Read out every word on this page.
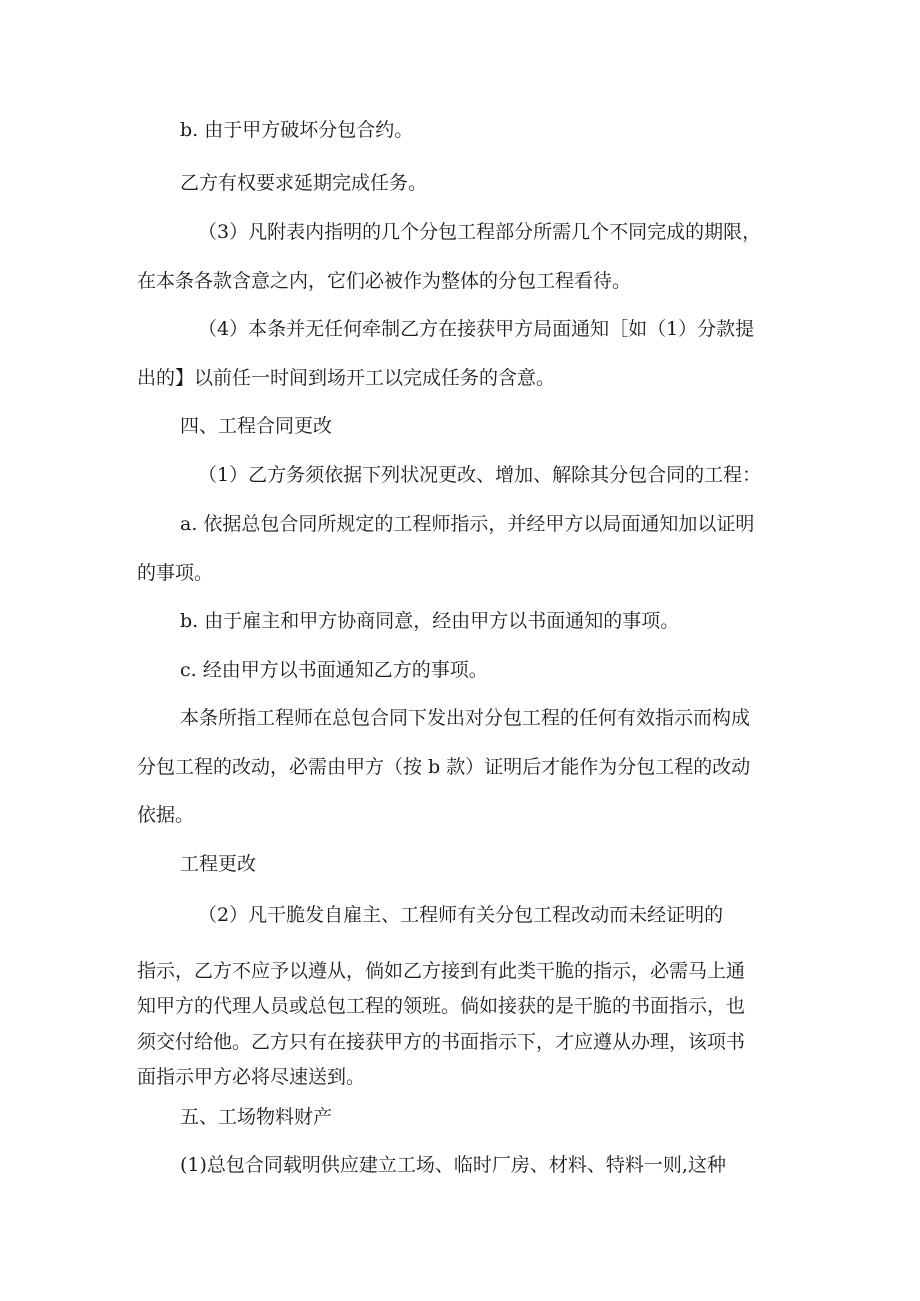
b. 由于甲方破坏分包合约。

乙方有权要求延期完成任务。

（3）凡附表内指明的几个分包工程部分所需几个不同完成的期限，

在本条各款含意之内，它们必被作为整体的分包工程看待。

（4）本条并无任何牵制乙方在接获甲方局面通知［如（1）分款提

出的】以前任一时间到场开工以完成任务的含意。

四、工程合同更改

（1）乙方务须依据下列状况更改、增加、解除其分包合同的工程：

a. 依据总包合同所规定的工程师指示，并经甲方以局面通知加以证明

的事项。

b. 由于雇主和甲方协商同意，经由甲方以书面通知的事项。

c. 经由甲方以书面通知乙方的事项。

本条所指工程师在总包合同下发出对分包工程的任何有效指示而构成

分包工程的改动，必需由甲方（按 b 款）证明后才能作为分包工程的改动

依据。

工程更改

（2）凡干脆发自雇主、工程师有关分包工程改动而未经证明的

指示，乙方不应予以遵从，倘如乙方接到有此类干脆的指示，必需马上通

知甲方的代理人员或总包工程的领班。倘如接获的是干脆的书面指示，也

须交付给他。乙方只有在接获甲方的书面指示下，才应遵从办理，该项书

面指示甲方必将尽速送到。

五、工场物料财产

(1)总包合同载明供应建立工场、临时厂房、材料、特料一则,这种
